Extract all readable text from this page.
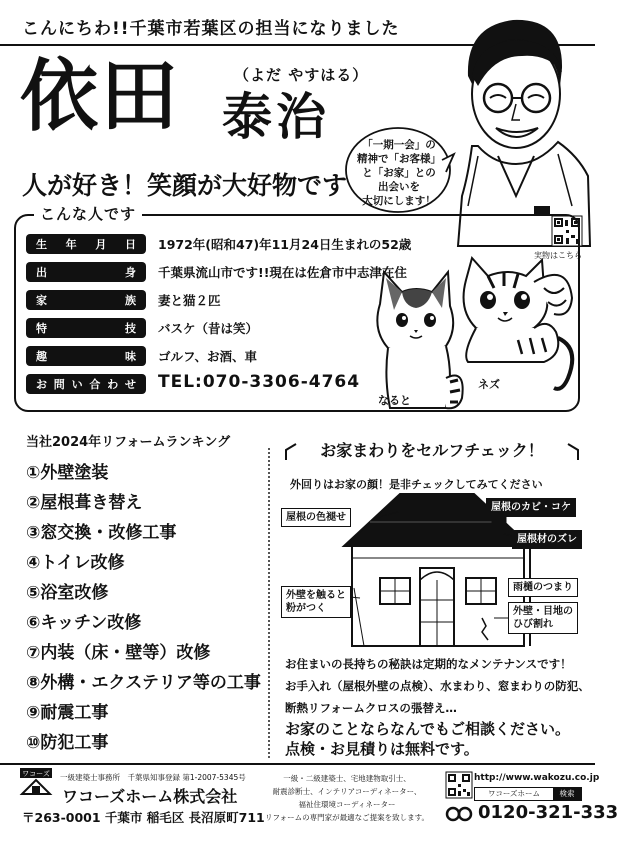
こんにちわ!!千葉市若葉区の担当になりました
依田	（よだ やすはる）
泰治
人が好き！笑顔が大好物です
「一期一会」の
精神で「お客様」
と「お家」との
出会いを
大切にします！
実物はこちら
こんな人です
生 年 月 日 1972年(昭和47)年11月24日生まれの52歳
出	身 千葉県流山市です!!現在は佐倉市中志津在住
家	族 妻と猫２匹
特	技 バスケ（昔は笑）
趣	味 ゴルフ、お酒、車
お 問 い 合 わ せ TEL:070-3306-4764
なると
ネズ
当社2024年リフォームランキング
①外壁塗装
②屋根葺き替え
③窓交換・改修工事
④トイレ改修
⑤浴室改修
⑥キッチン改修
⑦内装（床・壁等）改修
⑧外構・エクステリア等の工事
⑨耐震工事
⑩防犯工事
お家まわりをセルフチェック！
外回りはお家の顔！是非チェックしてみてください
屋根の色褪せ
屋根のカビ・コケ
屋根材のズレ
外壁を触ると
粉がつく
雨樋のつまり
外壁・目地の
ひび割れ
お住まいの長持ちの秘訣は定期的なメンテナンスです！
お手入れ（屋根外壁の点検）、水まわり、窓まわりの防犯、
断熱リフォームクロスの張替え…
お家のことならなんでもご相談ください。
点検・お見積りは無料です。
ワコーズ 一級建築士事務所　千葉県知事登録 第1-2007-5345号
ワコーズホーム株式会社
〒263-0001 千葉市 稲毛区 長沼原町711
一級・二級建築士、宅地建物取引士、
耐震診断士、インテリアコーディネーター、
福祉住環境コーディネーター
リフォームの専門家が最適なご提案を致します。
http://www.wakozu.co.jp
ワコーズホーム	検索
0120-321-333
